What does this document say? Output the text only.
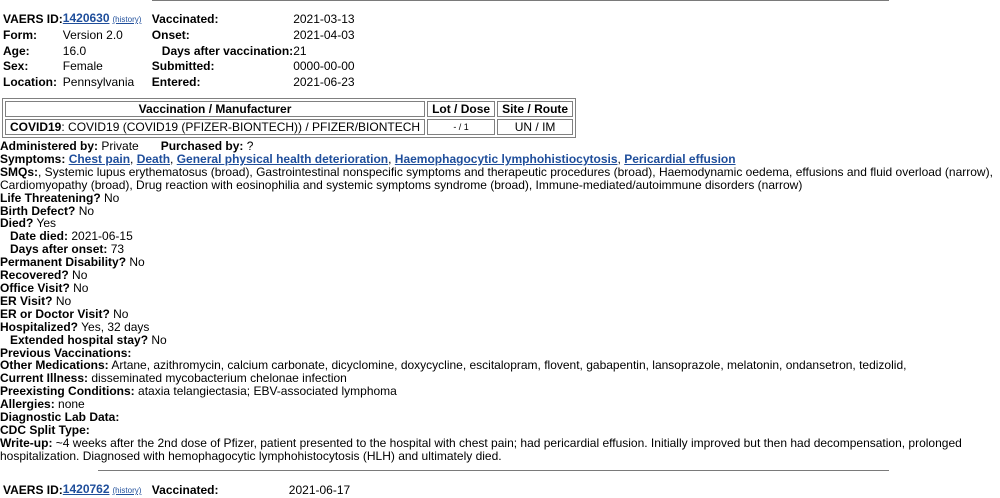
VAERS ID:	1420630 (history)	Vaccinated:	2021-03-13
Form:	Version 2.0	Onset:	2021-04-03
Age:	16.0	Days after vaccination:	21
Sex:	Female	Submitted:	0000-00-00
Location:	Pennsylvania	Entered:	2021-06-23
Vaccination / Manufacturer	Lot / Dose	Site / Route
COVID19: COVID19 (COVID19 (PFIZER-BIONTECH)) / PFIZER/BIONTECH	- / 1	UN / IM
Administered by: Private Purchased by: ?
Symptoms: Chest pain, Death, General physical health deterioration, Haemophagocytic lymphohistiocytosis, Pericardial effusion
SMQs:, Systemic lupus erythematosus (broad), Gastrointestinal nonspecific symptoms and therapeutic procedures (broad), Haemodynamic oedema, effusions and fluid overload (narrow), Cardiomyopathy (broad), Drug reaction with eosinophilia and systemic symptoms syndrome (broad), Immune-mediated/autoimmune disorders (narrow)
Life Threatening? No
Birth Defect? No
Died? Yes
Date died: 2021-06-15
Days after onset: 73
Permanent Disability? No
Recovered? No
Office Visit? No
ER Visit? No
ER or Doctor Visit? No
Hospitalized? Yes, 32 days
Extended hospital stay? No
Previous Vaccinations:
Other Medications: Artane, azithromycin, calcium carbonate, dicyclomine, doxycycline, escitalopram, flovent, gabapentin, lansoprazole, melatonin, ondansetron, tedizolid,
Current Illness: disseminated mycobacterium chelonae infection
Preexisting Conditions: ataxia telangiectasia; EBV-associated lymphoma
Allergies: none
Diagnostic Lab Data:
CDC Split Type:
Write-up: ~4 weeks after the 2nd dose of Pfizer, patient presented to the hospital with chest pain; had pericardial effusion. Initially improved but then had decompensation, prolonged hospitalization. Diagnosed with hemophagocytic lymphohistocytosis (HLH) and ultimately died.
VAERS ID:	1420762 (history)	Vaccinated:	2021-06-17
